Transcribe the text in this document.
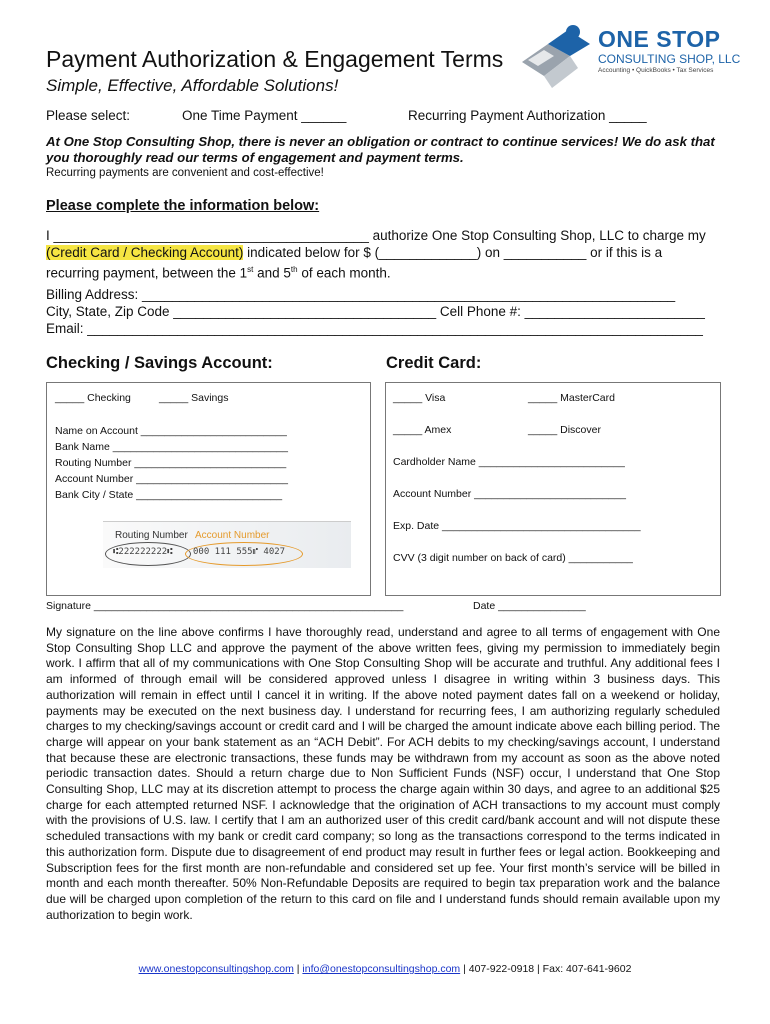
Payment Authorization & Engagement Terms
Simple, Effective, Affordable Solutions!
ONE STOP
CONSULTING SHOP, LLC
Accounting • QuickBooks • Tax Services
Please select:	One Time Payment ______	Recurring Payment Authorization _____
At One Stop Consulting Shop, there is never an obligation or contract to continue services! We do ask that you thoroughly read our terms of engagement and payment terms.
Recurring payments are convenient and cost-effective!
Please complete the information below:
I __________________________________________ authorize One Stop Consulting Shop, LLC to charge my
(Credit Card / Checking Account) indicated below for $ (_____________) on ___________ or if this is a
recurring payment, between the 1st and 5th of each month.
Billing Address: _______________________________________________________________________
City, State, Zip Code ___________________________________ Cell Phone #: ________________________
Email: __________________________________________________________________________________
Checking / Savings Account:	Credit Card:
_____ Checking	_____ Savings
Name on Account _________________________
Bank Name ______________________________
Routing Number __________________________
Account Number __________________________
Bank City / State _________________________
Routing Number Account Number
⑆222222222⑆ 000 111 555⑈ 4027
_____ Visa	_____ MasterCard
_____ Amex	_____ Discover
Cardholder Name _________________________
Account Number __________________________
Exp. Date __________________________________
CVV (3 digit number on back of card) ___________
Signature _____________________________________________________	Date _______________
My signature on the line above confirms I have thoroughly read, understand and agree to all terms of engagement with One Stop Consulting Shop LLC and approve the payment of the above written fees, giving my permission to immediately begin work. I affirm that all of my communications with One Stop Consulting Shop will be accurate and truthful. Any additional fees I am informed of through email will be considered approved unless I disagree in writing within 3 business days. This authorization will remain in effect until I cancel it in writing. If the above noted payment dates fall on a weekend or holiday, payments may be executed on the next business day. I understand for recurring fees, I am authorizing regularly scheduled charges to my checking/savings account or credit card and I will be charged the amount indicate above each billing period. The charge will appear on your bank statement as an “ACH Debit”. For ACH debits to my checking/savings account, I understand that because these are electronic transactions, these funds may be withdrawn from my account as soon as the above noted periodic transaction dates. Should a return charge due to Non Sufficient Funds (NSF) occur, I understand that One Stop Consulting Shop, LLC may at its discretion attempt to process the charge again within 30 days, and agree to an additional $25 charge for each attempted returned NSF. I acknowledge that the origination of ACH transactions to my account must comply with the provisions of U.S. law. I certify that I am an authorized user of this credit card/bank account and will not dispute these scheduled transactions with my bank or credit card company; so long as the transactions correspond to the terms indicated in this authorization form. Dispute due to disagreement of end product may result in further fees or legal action. Bookkeeping and Subscription fees for the first month are non-refundable and considered set up fee. Your first month’s service will be billed in month and each month thereafter. 50% Non-Refundable Deposits are required to begin tax preparation work and the balance due will be charged upon completion of the return to this card on file and I understand funds should remain available upon my authorization to begin work.
www.onestopconsultingshop.com | info@onestopconsultingshop.com | 407-922-0918 | Fax: 407-641-9602
